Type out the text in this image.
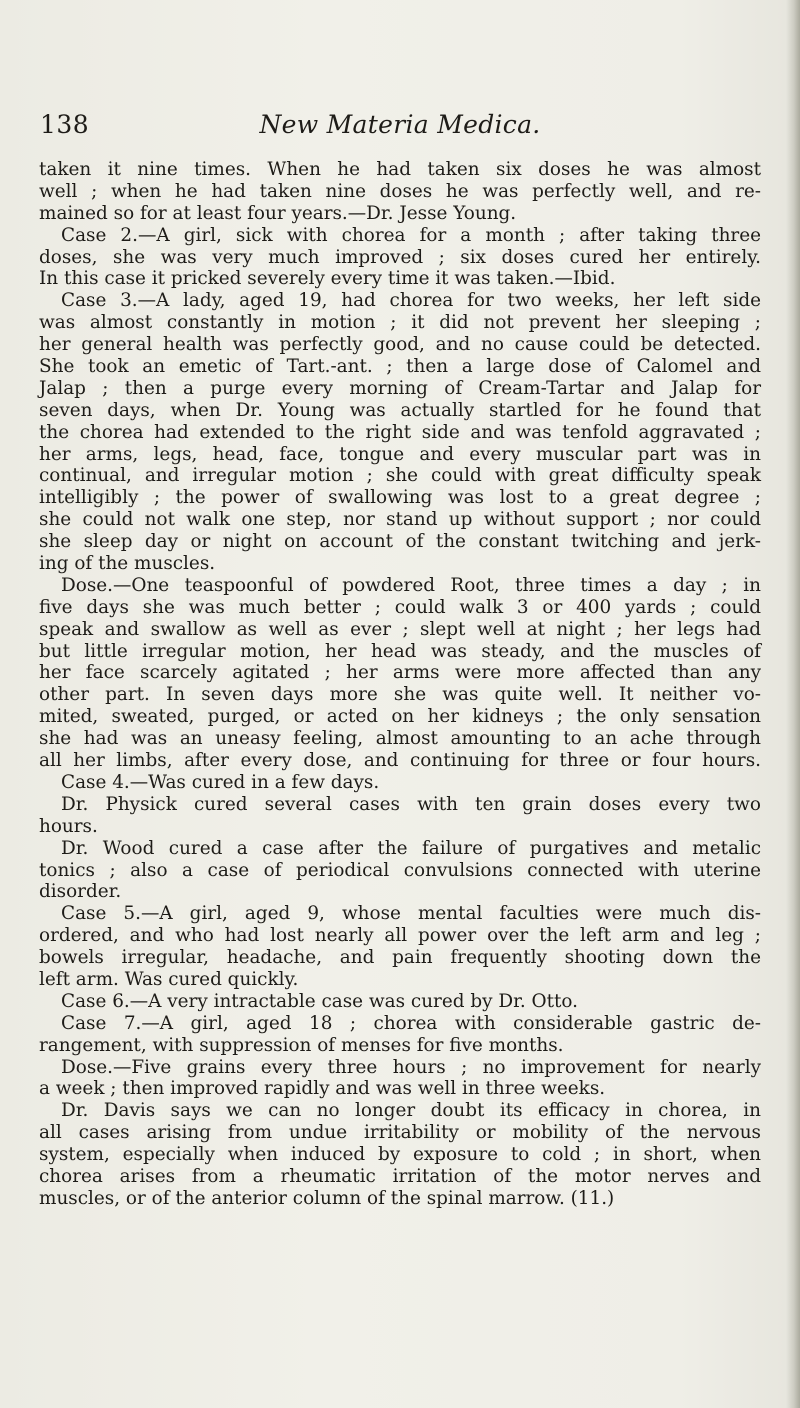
138	New Materia Medica.
taken it nine times. When he had taken six doses he was almost
well ; when he had taken nine doses he was perfectly well, and re-
mained so for at least four years.—Dr. Jesse Young.
Case 2.—A girl, sick with chorea for a month ; after taking three
doses, she was very much improved ; six doses cured her entirely.
In this case it pricked severely every time it was taken.—Ibid.
Case 3.—A lady, aged 19, had chorea for two weeks, her left side
was almost constantly in motion ; it did not prevent her sleeping ;
her general health was perfectly good, and no cause could be detected.
She took an emetic of Tart.-ant. ; then a large dose of Calomel and
Jalap ; then a purge every morning of Cream-Tartar and Jalap for
seven days, when Dr. Young was actually startled for he found that
the chorea had extended to the right side and was tenfold aggravated ;
her arms, legs, head, face, tongue and every muscular part was in
continual, and irregular motion ; she could with great difficulty speak
intelligibly ; the power of swallowing was lost to a great degree ;
she could not walk one step, nor stand up without support ; nor could
she sleep day or night on account of the constant twitching and jerk-
ing of the muscles.
Dose.—One teaspoonful of powdered Root, three times a day ; in
five days she was much better ; could walk 3 or 400 yards ; could
speak and swallow as well as ever ; slept well at night ; her legs had
but little irregular motion, her head was steady, and the muscles of
her face scarcely agitated ; her arms were more affected than any
other part. In seven days more she was quite well. It neither vo-
mited, sweated, purged, or acted on her kidneys ; the only sensation
she had was an uneasy feeling, almost amounting to an ache through
all her limbs, after every dose, and continuing for three or four hours.
Case 4.—Was cured in a few days.
Dr. Physick cured several cases with ten grain doses every two
hours.
Dr. Wood cured a case after the failure of purgatives and metalic
tonics ; also a case of periodical convulsions connected with uterine
disorder.
Case 5.—A girl, aged 9, whose mental faculties were much dis-
ordered, and who had lost nearly all power over the left arm and leg ;
bowels irregular, headache, and pain frequently shooting down the
left arm. Was cured quickly.
Case 6.—A very intractable case was cured by Dr. Otto.
Case 7.—A girl, aged 18 ; chorea with considerable gastric de-
rangement, with suppression of menses for five months.
Dose.—Five grains every three hours ; no improvement for nearly
a week ; then improved rapidly and was well in three weeks.
Dr. Davis says we can no longer doubt its efficacy in chorea, in
all cases arising from undue irritability or mobility of the nervous
system, especially when induced by exposure to cold ; in short, when
chorea arises from a rheumatic irritation of the motor nerves and
muscles, or of the anterior column of the spinal marrow. (11.)
